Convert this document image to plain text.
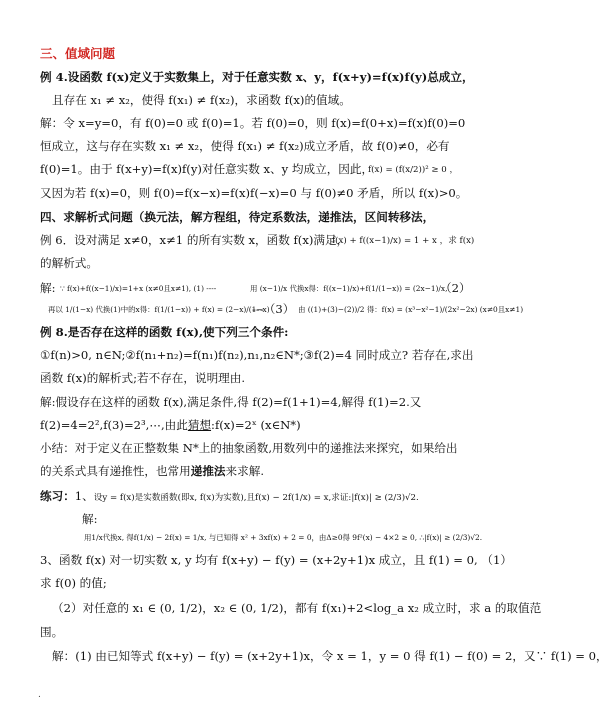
三、值域问题
例 4.设函数 f(x)定义于实数集上，对于任意实数 x、y，f(x+y)=f(x)f(y)总成立，
且存在 x₁ ≠ x₂，使得 f(x₁) ≠ f(x₂)，求函数 f(x)的值域。
解：令 x=y=0，有 f(0)=0 或 f(0)=1。若 f(0)=0，则 f(x)=f(0+x)=f(x)f(0)=0
恒成立，这与存在实数 x₁ ≠ x₂，使得 f(x₁) ≠ f(x₂)成立矛盾，故 f(0)≠0，必有
f(0)=1。由于 f(x+y)=f(x)f(y)对任意实数 x、y 均成立，因此，
f(x) = (f(x/2))² ≥ 0 ，
又因为若 f(x)=0，则 f(0)=f(x−x)=f(x)f(−x)=0 与 f(0)≠0 矛盾，所以 f(x)>0。
四、求解析式问题（换元法，解方程组，待定系数法，递推法，区间转移法，
例 6．设对满足 x≠0，x≠1 的所有实数 x，函数 f(x)满足，
f(x) + f((x−1)/x) = 1 + x ，求 f(x)
的解析式。
解: ∵ f(x)+f((x−1)/x)=1+x (x≠0且x≠1), (1) ----	用 (x−1)/x 代换x得：f((x−1)/x)+f(1/(1−x)) = (2x−1)/x,
（2）
再以 1/(1−x) 代换(1)中的x得：f(1/(1−x)) + f(x) = (2−x)/(1−x)
---（3） 由 ((1)+(3)−(2))/2 得：f(x) = (x³−x²−1)/(2x²−2x) (x≠0且x≠1)
例 8.是否存在这样的函数 f(x),使下列三个条件:
①f(n)>0, n∈N;②f(n₁+n₂)=f(n₁)f(n₂),n₁,n₂∈N*;③f(2)=4 同时成立? 若存在,求出
函数 f(x)的解析式;若不存在，说明理由.
解:假设存在这样的函数 f(x),满足条件,得 f(2)=f(1+1)=4,解得 f(1)=2.又
f(2)=4=2²,f(3)=2³,⋯,由此猜想:f(x)=2ˣ (x∈N*)
小结：对于定义在正整数集 N*上的抽象函数,用数列中的递推法来探究，如果给出
的关系式具有递推性，也常用递推法来求解.
练习：1、设y = f(x)是实数函数(即x, f(x)为实数),且f(x) − 2f(1/x) = x,求证:|f(x)| ≥ (2/3)√2.
解:
用1/x代换x, 得f(1/x) − 2f(x) = 1/x, 与已知得 x² + 3xf(x) + 2 = 0，由Δ≥0得 9f²(x) − 4×2 ≥ 0, ∴|f(x)| ≥ (2/3)√2.
3、函数 f(x) 对一切实数 x, y 均有 f(x+y) − f(y) = (x+2y+1)x 成立，且 f(1) = 0, （1）
求 f(0) 的值;
（2）对任意的 x₁ ∈ (0, 1/2)，x₂ ∈ (0, 1/2)，都有 f(x₁)+2<log_a x₂ 成立时，求 a 的取值范
围。
解：(1) 由已知等式 f(x+y) − f(y) = (x+2y+1)x，令 x = 1，y = 0 得 f(1) − f(0) = 2，又∵ f(1) = 0，
.
